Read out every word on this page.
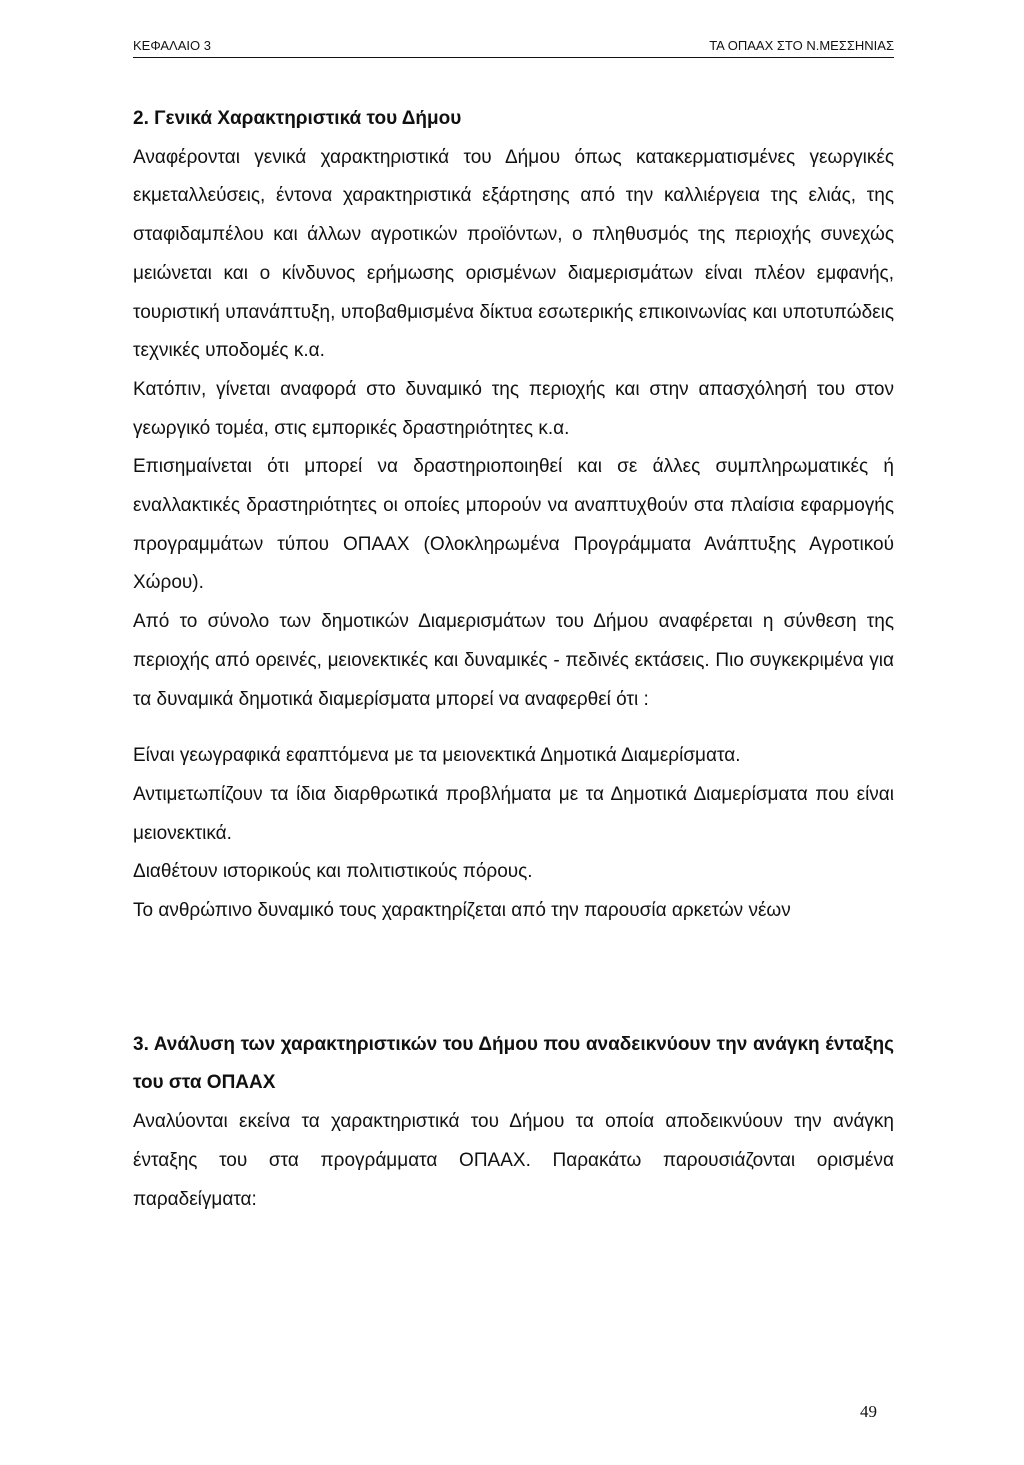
ΚΕΦΑΛΑΙΟ 3	ΤΑ ΟΠΑΑΧ ΣΤΟ Ν.ΜΕΣΣΗΝΙΑΣ

2. Γενικά Χαρακτηριστικά του Δήμου

Αναφέρονται γενικά χαρακτηριστικά του Δήμου όπως κατακερματισμένες γεωργικές εκμεταλλεύσεις, έντονα χαρακτηριστικά εξάρτησης από την καλλιέργεια της ελιάς, της σταφιδαμπέλου και άλλων αγροτικών προϊόντων, ο πληθυσμός της περιοχής συνεχώς μειώνεται και ο κίνδυνος ερήμωσης ορισμένων διαμερισμάτων είναι πλέον εμφανής, τουριστική υπανάπτυξη, υποβαθμισμένα δίκτυα εσωτερικής επικοινωνίας και υποτυπώδεις τεχνικές υποδομές κ.α.

Κατόπιν, γίνεται αναφορά στο δυναμικό της περιοχής και στην απασχόλησή του στον γεωργικό τομέα, στις εμπορικές δραστηριότητες κ.α.

Επισημαίνεται ότι μπορεί να δραστηριοποιηθεί και σε άλλες συμπληρωματικές ή εναλλακτικές δραστηριότητες οι οποίες μπορούν να αναπτυχθούν στα πλαίσια εφαρμογής προγραμμάτων τύπου ΟΠΑΑΧ (Ολοκληρωμένα Προγράμματα Ανάπτυξης Αγροτικού Χώρου).

Από το σύνολο των δημοτικών Διαμερισμάτων του Δήμου αναφέρεται η σύνθεση της περιοχής από ορεινές, μειονεκτικές και δυναμικές - πεδινές εκτάσεις. Πιο συγκεκριμένα για τα δυναμικά δημοτικά διαμερίσματα μπορεί να αναφερθεί ότι :

Είναι γεωγραφικά εφαπτόμενα με τα μειονεκτικά Δημοτικά Διαμερίσματα.

Αντιμετωπίζουν τα ίδια διαρθρωτικά προβλήματα με τα Δημοτικά Διαμερίσματα που είναι μειονεκτικά.

Διαθέτουν ιστορικούς και πολιτιστικούς πόρους.

Το ανθρώπινο δυναμικό τους χαρακτηρίζεται από την παρουσία αρκετών νέων

3. Ανάλυση των χαρακτηριστικών του Δήμου που αναδεικνύουν την ανάγκη ένταξης του στα ΟΠΑΑΧ

Αναλύονται εκείνα τα χαρακτηριστικά του Δήμου τα οποία αποδεικνύουν την ανάγκη ένταξης του στα προγράμματα ΟΠΑΑΧ. Παρακάτω παρουσιάζονται ορισμένα παραδείγματα:

49
